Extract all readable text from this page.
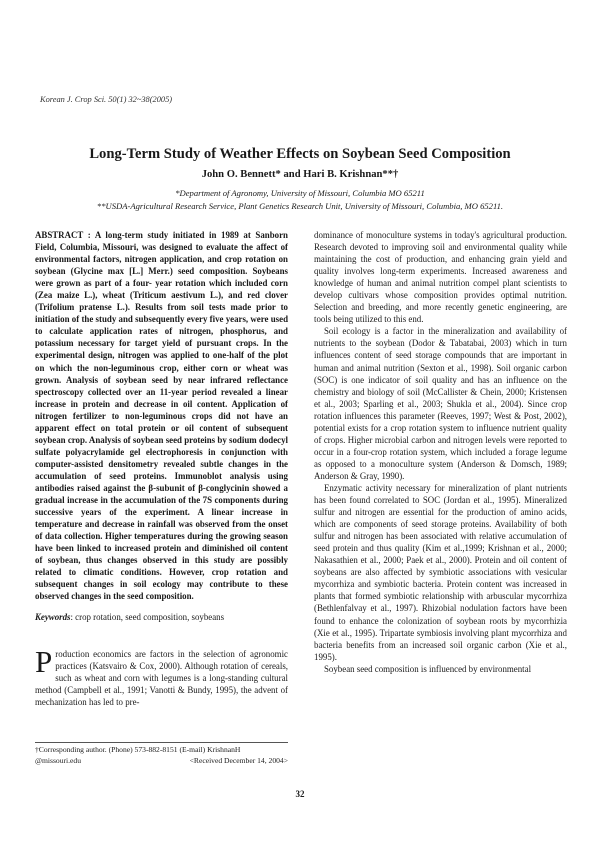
Korean J. Crop Sci. 50(1) 32~38(2005)
Long-Term Study of Weather Effects on Soybean Seed Composition
John O. Bennett* and Hari B. Krishnan**†
*Department of Agronomy, University of Missouri, Columbia MO 65211
**USDA-Agricultural Research Service, Plant Genetics Research Unit, University of Missouri, Columbia, MO 65211.
ABSTRACT : A long-term study initiated in 1989 at Sanborn Field, Columbia, Missouri, was designed to evaluate the affect of environmental factors, nitrogen application, and crop rotation on soybean (Glycine max [L.] Merr.) seed composition. Soybeans were grown as part of a four- year rotation which included corn (Zea maize L.), wheat (Triticum aestivum L.), and red clover (Trifolium pratense L.). Results from soil tests made prior to initiation of the study and subsequently every five years, were used to calculate application rates of nitrogen, phosphorus, and potassium necessary for target yield of pursuant crops. In the experimental design, nitrogen was applied to one-half of the plot on which the non-leguminous crop, either corn or wheat was grown. Analysis of soybean seed by near infrared reflectance spectroscopy collected over an 11-year period revealed a linear increase in protein and decrease in oil content. Application of nitrogen fertilizer to non-leguminous crops did not have an apparent effect on total protein or oil content of subsequent soybean crop. Analysis of soybean seed proteins by sodium dodecyl sulfate polyacrylamide gel electrophoresis in conjunction with computer-assisted densitometry revealed subtle changes in the accumulation of seed proteins. Immunoblot analysis using antibodies raised against the β-subunit of β-conglycinin showed a gradual increase in the accumulation of the 7S components during successive years of the experiment. A linear increase in temperature and decrease in rainfall was observed from the onset of data collection. Higher temperatures during the growing season have been linked to increased protein and diminished oil content of soybean, thus changes observed in this study are possibly related to climatic conditions. However, crop rotation and subsequent changes in soil ecology may contribute to these observed changes in the seed composition.
Keywords: crop rotation, seed composition, soybeans
Production economics are factors in the selection of agronomic practices (Katsvairo & Cox, 2000). Although rotation of cereals, such as wheat and corn with legumes is a long-standing cultural method (Campbell et al., 1991; Vanotti & Bundy, 1995), the advent of mechanization has led to pre-

dominance of monoculture systems in today's agricultural production. Research devoted to improving soil and environmental quality while maintaining the cost of production, and enhancing grain yield and quality involves long-term experiments. Increased awareness and knowledge of human and animal nutrition compel plant scientists to develop cultivars whose composition provides optimal nutrition. Selection and breeding, and more recently genetic engineering, are tools being utilized to this end.

Soil ecology is a factor in the mineralization and availability of nutrients to the soybean (Dodor & Tabatabai, 2003) which in turn influences content of seed storage compounds that are important in human and animal nutrition (Sexton et al., 1998). Soil organic carbon (SOC) is one indicator of soil quality and has an influence on the chemistry and biology of soil (McCallister & Chein, 2000; Kristensen et al., 2003; Sparling et al., 2003; Shukla et al., 2004). Since crop rotation influences this parameter (Reeves, 1997; West & Post, 2002), potential exists for a crop rotation system to influence nutrient quality of crops. Higher microbial carbon and nitrogen levels were reported to occur in a four-crop rotation system, which included a forage legume as opposed to a monoculture system (Anderson & Domsch, 1989; Anderson & Gray, 1990).

Enzymatic activity necessary for mineralization of plant nutrients has been found correlated to SOC (Jordan et al., 1995). Mineralized sulfur and nitrogen are essential for the production of amino acids, which are components of seed storage proteins. Availability of both sulfur and nitrogen has been associated with relative accumulation of seed protein and thus quality (Kim et al.,1999; Krishnan et al., 2000; Nakasathien et al., 2000; Paek et al., 2000). Protein and oil content of soybeans are also affected by symbiotic associations with vesicular mycorrhiza and symbiotic bacteria. Protein content was increased in plants that formed symbiotic relationship with arbuscular mycorrhiza (Bethlenfalvay et al., 1997). Rhizobial nodulation factors have been found to enhance the colonization of soybean roots by mycorrhizia (Xie et al., 1995). Tripartate symbiosis involving plant mycorrhiza and bacteria benefits from an increased soil organic carbon (Xie et al., 1995).

Soybean seed composition is influenced by environmental

†Corresponding author. (Phone) 573-882-8151 (E-mail) KrishnanH
@missouri.edu	<Received December 14, 2004>
32
